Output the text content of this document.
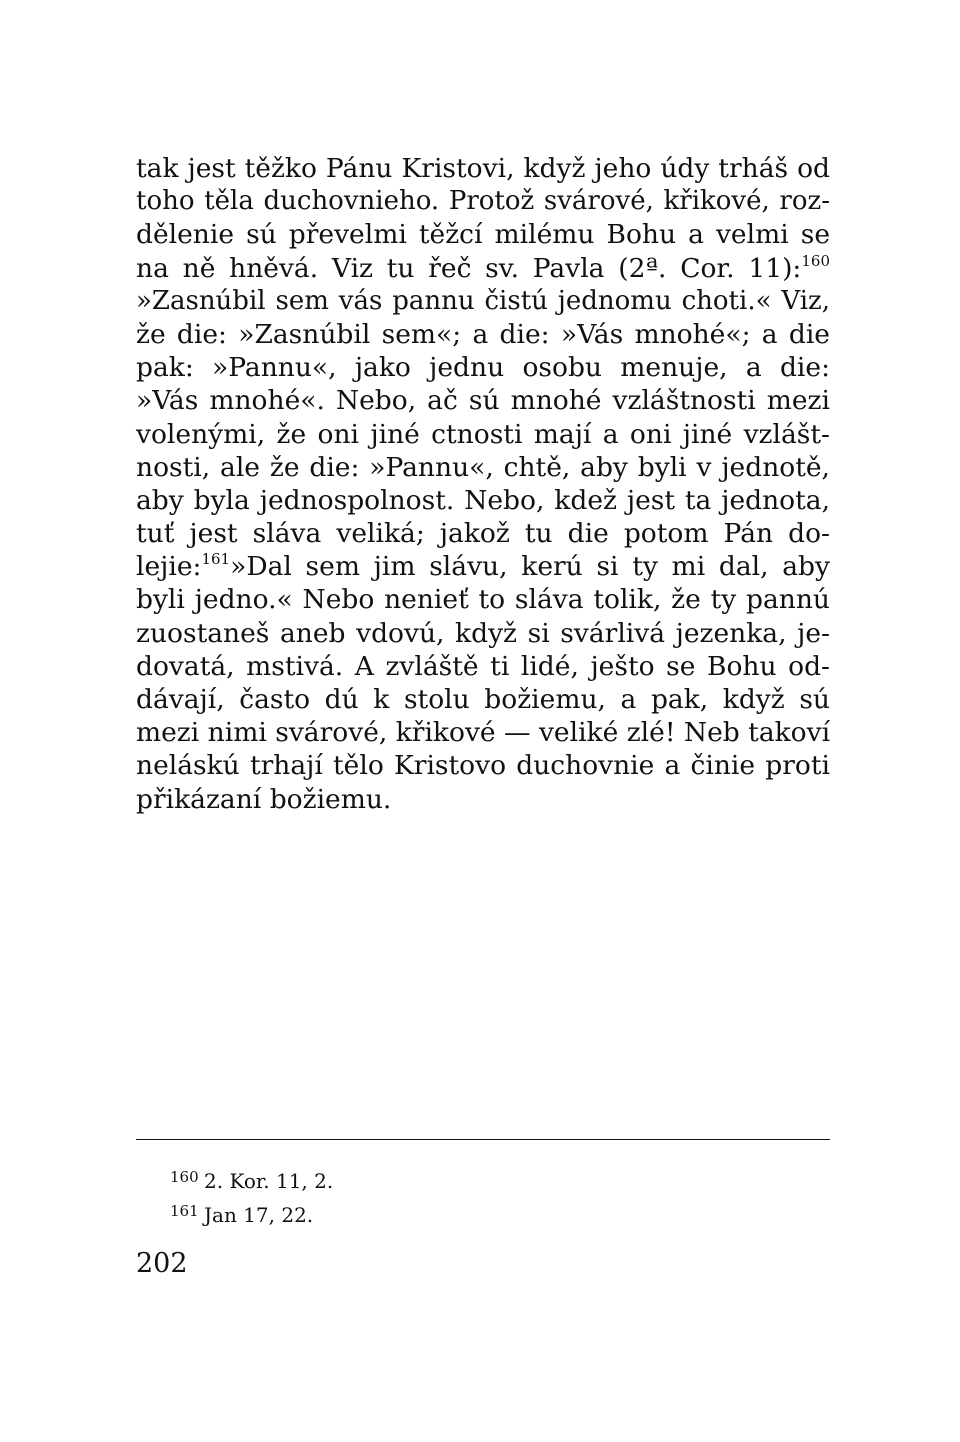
tak jest těžko Pánu Kristovi, když jeho údy trháš od
toho těla duchovnieho. Protož svárové, křikové, roz-
dělenie sú převelmi těžcí milému Bohu a velmi se
na ně hněvá. Viz tu řeč sv. Pavla (2ª. Cor. 11):$^{160}$
»Zasnúbil sem vás pannu čistú jednomu choti.« Viz,
že die: »Zasnúbil sem«; a die: »Vás mnohé«; a die
pak: »Pannu«, jako jednu osobu menuje, a die:
»Vás mnohé«. Nebo, ač sú mnohé vzláštnosti mezi
volenými, že oni jiné ctnosti mají a oni jiné vzlášt-
nosti, ale že die: »Pannu«, chtě, aby byli v jednotě,
aby byla jednospolnost. Nebo, kdež jest ta jednota,
tuť jest sláva veliká; jakož tu die potom Pán do-
lejie:$^{161}$»Dal sem jim slávu, kerú si ty mi dal, aby
byli jedno.« Nebo nenieť to sláva tolik, že ty pannú
zuostaneš aneb vdovú, když si svárlivá jezenka, je-
dovatá, mstivá. A zvláště ti lidé, ješto se Bohu od-
dávají, často dú k stolu božiemu, a pak, když sú
mezi nimi svárové, křikové — veliké zlé! Neb takoví
neláskú trhají tělo Kristovo duchovnie a činie proti
přikázaní božiemu.
160 2. Kor. 11, 2.
161 Jan 17, 22.
202
